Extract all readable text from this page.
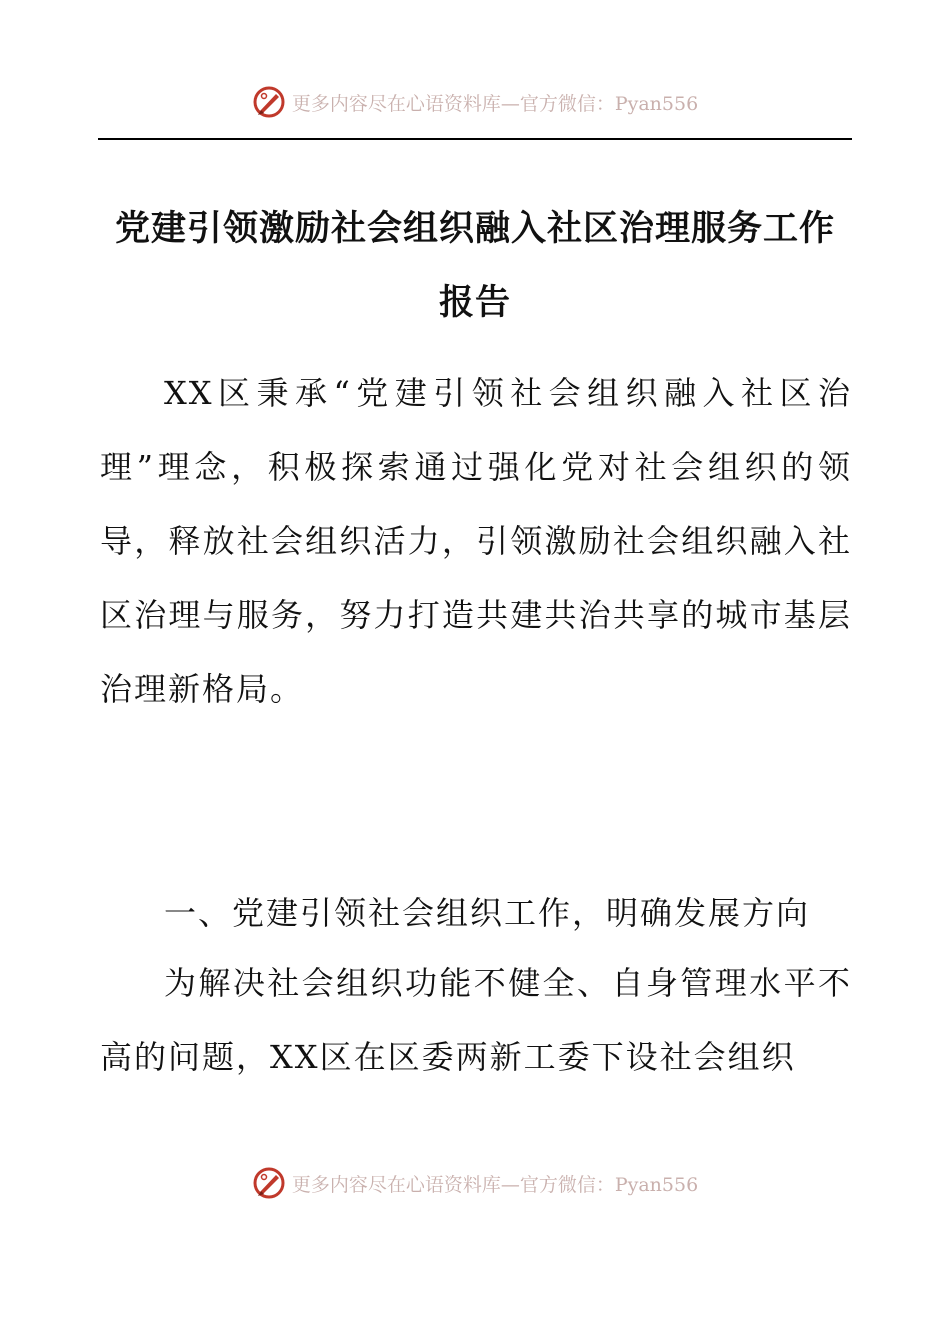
更多内容尽在心语资料库—官方微信：Pyan556
党建引领激励社会组织融入社区治理服务工作报告

XX区秉承“党建引领社会组织融入社区治理”理念，积极探索通过强化党对社会组织的领导，释放社会组织活力，引领激励社会组织融入社区治理与服务，努力打造共建共治共享的城市基层治理新格局。

一、党建引领社会组织工作，明确发展方向

为解决社会组织功能不健全、自身管理水平不高的问题，XX区在区委两新工委下设社会组织

更多内容尽在心语资料库—官方微信：Pyan556
